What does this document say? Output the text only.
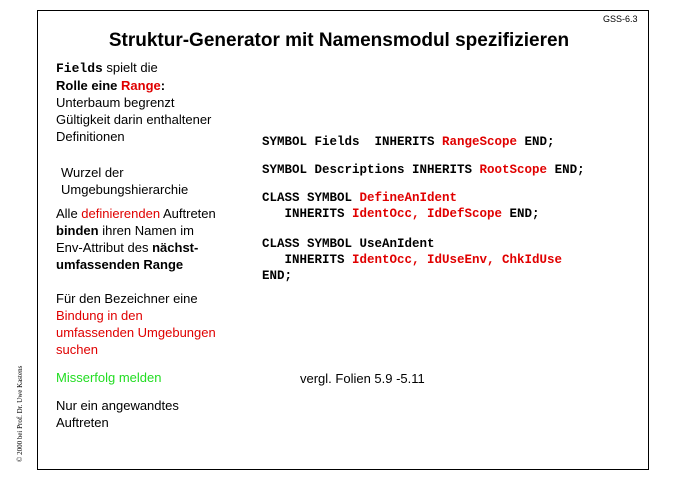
GSS-6.3
Struktur-Generator mit Namensmodul spezifizieren
© 2000 bei Prof. Dr. Uwe Kastens
Fields spielt die
Rolle eine Range:
Unterbaum begrenzt
Gültigkeit darin enthaltener
Definitionen
Wurzel der
Umgebungshierarchie
Alle definierenden Auftreten
binden ihren Namen im
Env-Attribut des nächst-
umfassenden Range
Für den Bezeichner eine
Bindung in den
umfassenden Umgebungen
suchen
Misserfolg melden
Nur ein angewandtes
Auftreten
SYMBOL Fields  INHERITS RangeScope END;
SYMBOL Descriptions INHERITS RootScope END;
CLASS SYMBOL DefineAnIdent
INHERITS IdentOcc, IdDefScope END;
CLASS SYMBOL UseAnIdent
INHERITS IdentOcc, IdUseEnv, ChkIdUse
END;
vergl. Folien 5.9 -5.11
